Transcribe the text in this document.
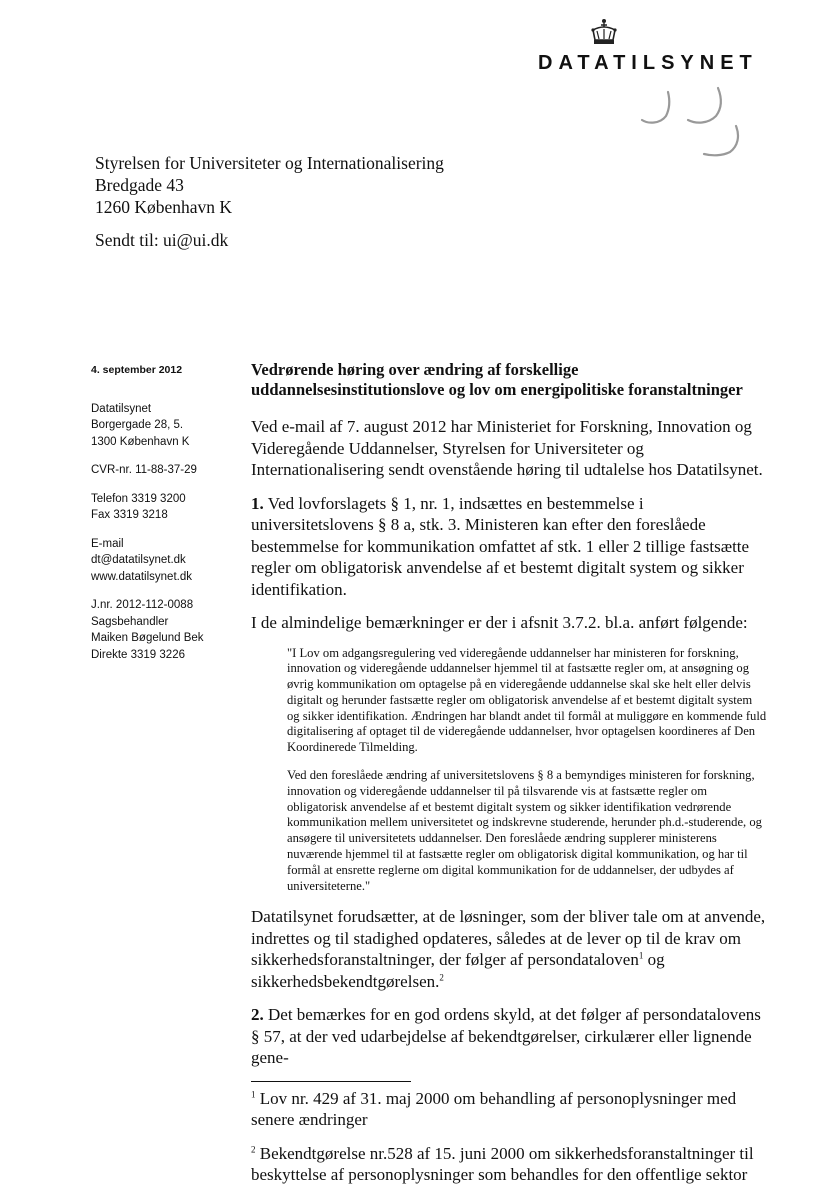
DATATILSYNET
Styrelsen for Universiteter og Internationalisering
Bredgade 43
1260 København K
Sendt til: ui@ui.dk
4. september 2012
Datatilsynet
Borgergade 28, 5.
1300 København K
CVR-nr. 11-88-37-29
Telefon 3319 3200
Fax 3319 3218
E-mail
dt@datatilsynet.dk
www.datatilsynet.dk
J.nr. 2012-112-0088
Sagsbehandler
Maiken Bøgelund Bek
Direkte 3319 3226
Vedrørende høring over ændring af forskellige uddannelsesinstitutionslove og lov om energipolitiske foranstaltninger

Ved e-mail af 7. august 2012 har Ministeriet for Forskning, Innovation og Videregående Uddannelser, Styrelsen for Universiteter og Internationalisering sendt ovenstående høring til udtalelse hos Datatilsynet.

1. Ved lovforslagets § 1, nr. 1, indsættes en bestemmelse i universitetslovens § 8 a, stk. 3. Ministeren kan efter den foreslåede bestemmelse for kommunikation omfattet af stk. 1 eller 2 tillige fastsætte regler om obligatorisk anvendelse af et bestemt digitalt system og sikker identifikation.

I de almindelige bemærkninger er der i afsnit 3.7.2. bl.a. anført følgende:

"I Lov om adgangsregulering ved videregående uddannelser har ministeren for forskning, innovation og videregående uddannelser hjemmel til at fastsætte regler om, at ansøgning og øvrig kommunikation om optagelse på en videregående uddannelse skal ske helt eller delvis digitalt og herunder fastsætte regler om obligatorisk anvendelse af et bestemt digitalt system og sikker identifikation. Ændringen har blandt andet til formål at muliggøre en kommende fuld digitalisering af optaget til de videregående uddannelser, hvor optagelsen koordineres af Den Koordinerede Tilmelding.

Ved den foreslåede ændring af universitetslovens § 8 a bemyndiges ministeren for forskning, innovation og videregående uddannelser til på tilsvarende vis at fastsætte regler om obligatorisk anvendelse af et bestemt digitalt system og sikker identifikation vedrørende kommunikation mellem universitetet og indskrevne studerende, herunder ph.d.-studerende, og ansøgere til universitetets uddannelser. Den foreslåede ændring supplerer ministerens nuværende hjemmel til at fastsætte regler om obligatorisk digital kommunikation, og har til formål at ensrette reglerne om digital kommunikation for de uddannelser, der udbydes af universiteterne."

Datatilsynet forudsætter, at de løsninger, som der bliver tale om at anvende, indrettes og til stadighed opdateres, således at de lever op til de krav om sikkerhedsforanstaltninger, der følger af persondataloven$^1$ og sikkerhedsbekendtgørelsen.$^2$

2. Det bemærkes for en god ordens skyld, at det følger af persondatalovens § 57, at der ved udarbejdelse af bekendtgørelser, cirkulærer eller lignende gene-

$^1$ Lov nr. 429 af 31. maj 2000 om behandling af personoplysninger med senere ændringer

$^2$ Bekendtgørelse nr.528 af 15. juni 2000 om sikkerhedsforanstaltninger til beskyttelse af personoplysninger som behandles for den offentlige sektor
